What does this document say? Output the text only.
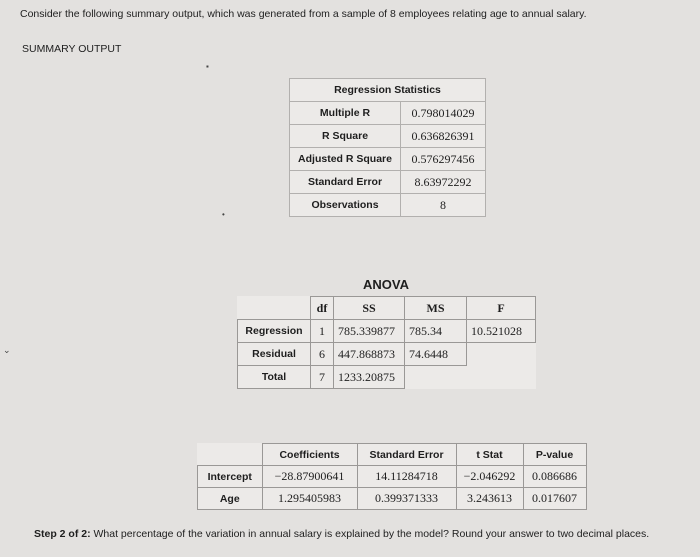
Consider the following summary output, which was generated from a sample of 8 employees relating age to annual salary.
SUMMARY OUTPUT
▪
•
⌄
Regression Statistics	
Multiple R	0.798014029
R Square	0.636826391
Adjusted R Square	0.576297456
Standard Error	8.63972292
Observations	8
ANOVA
	df	SS	MS	F
Regression	1	785.339877	785.34	10.521028
Residual	6	447.868873	74.6448	
Total	7	1233.20875		
	Coefficients	Standard Error	t Stat	P-value
Intercept	−28.87900641	14.11284718	−2.046292	0.086686
Age	1.295405983	0.399371333	3.243613	0.017607
Step 2 of 2: What percentage of the variation in annual salary is explained by the model? Round your answer to two decimal places.
